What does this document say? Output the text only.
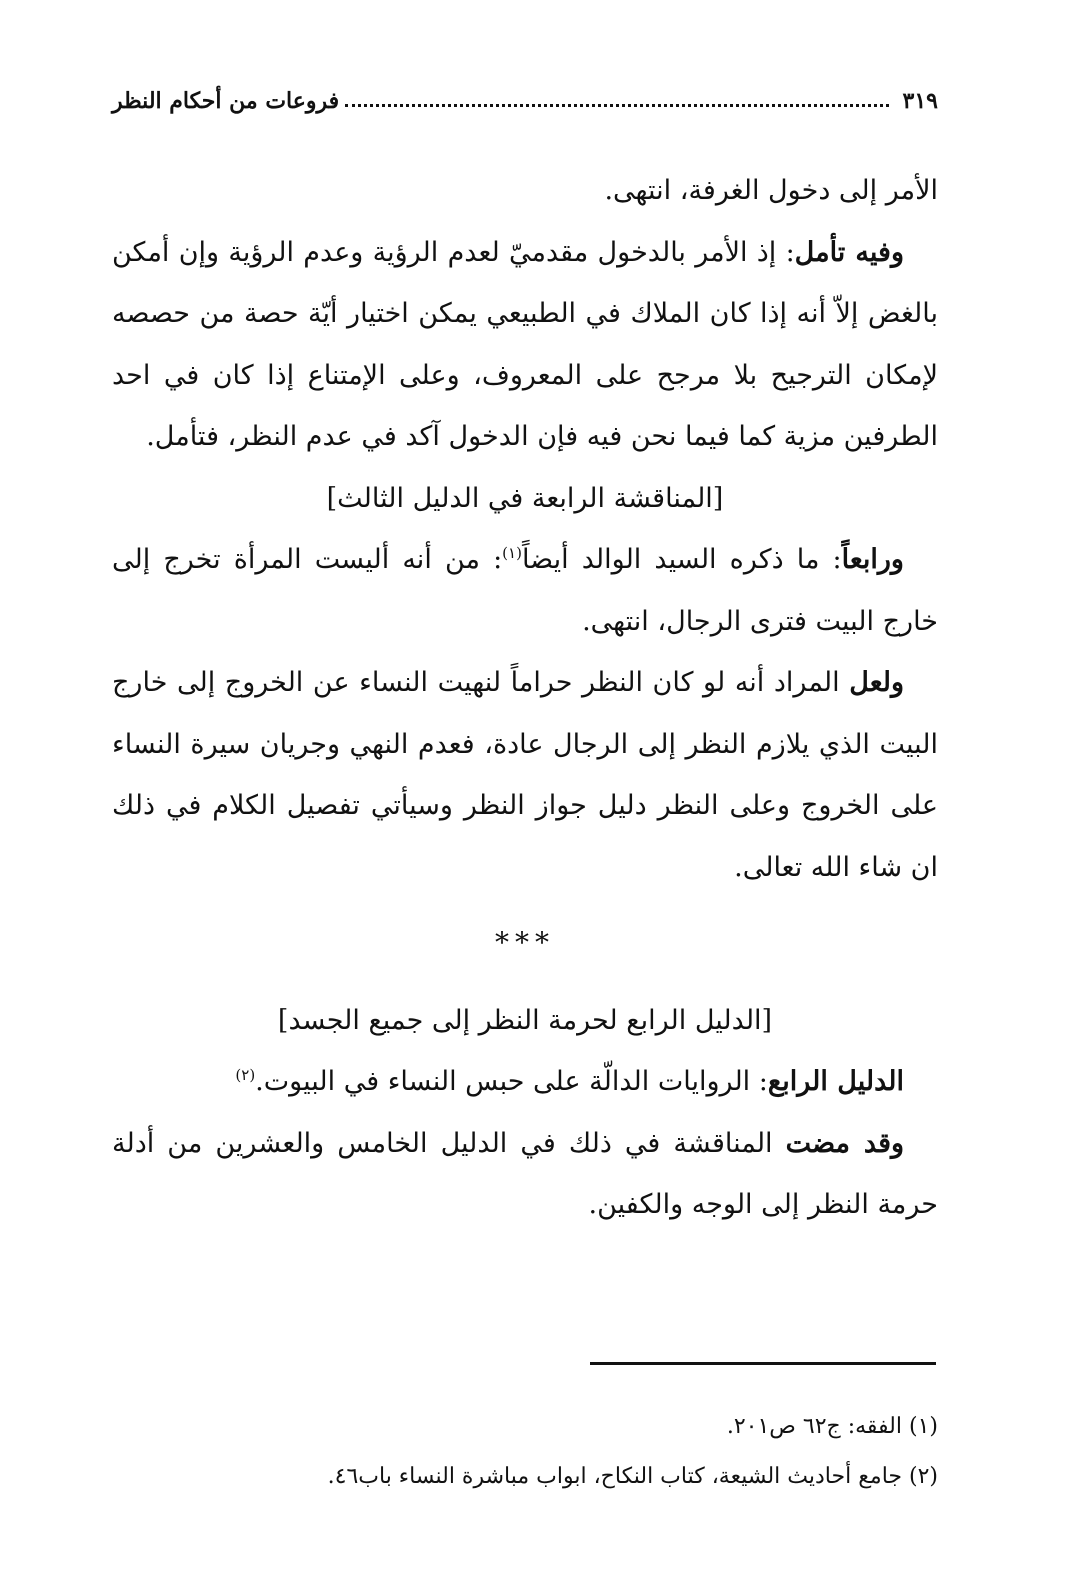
٣١٩
فروعات من أحكام النظر

الأمر إلى دخول الغرفة، انتهى.

وفيه تأمل: إذ الأمر بالدخول مقدميّ لعدم الرؤية وعدم الرؤية وإن أمكن بالغض إلاّ أنه إذا كان الملاك في الطبيعي يمكن اختيار أيّة حصة من حصصه لإمكان الترجيح بلا مرجح على المعروف، وعلى الإمتناع إذا كان في احد الطرفين مزية كما فيما نحن فيه فإن الدخول آكد في عدم النظر، فتأمل.

[المناقشة الرابعة في الدليل الثالث]

ورابعاً: ما ذكره السيد الوالد أيضاً$^{(١)}$: من أنه أليست المرأة تخرج إلى خارج البيت فترى الرجال، انتهى.

ولعل المراد أنه لو كان النظر حراماً لنهيت النساء عن الخروج إلى خارج البيت الذي يلازم النظر إلى الرجال عادة، فعدم النهي وجريان سيرة النساء على الخروج وعلى النظر دليل جواز النظر وسيأتي تفصيل الكلام في ذلك ان شاء الله تعالى.

***

[الدليل الرابع لحرمة النظر إلى جميع الجسد]

الدليل الرابع: الروايات الدالّة على حبس النساء في البيوت.$^{(٢)}$

وقد مضت المناقشة في ذلك في الدليل الخامس والعشرين من أدلة حرمة النظر إلى الوجه والكفين.

(١) الفقه: ج٦٢ ص٢٠١.

(٢) جامع أحاديث الشيعة، كتاب النكاح، ابواب مباشرة النساء باب٤٦.
